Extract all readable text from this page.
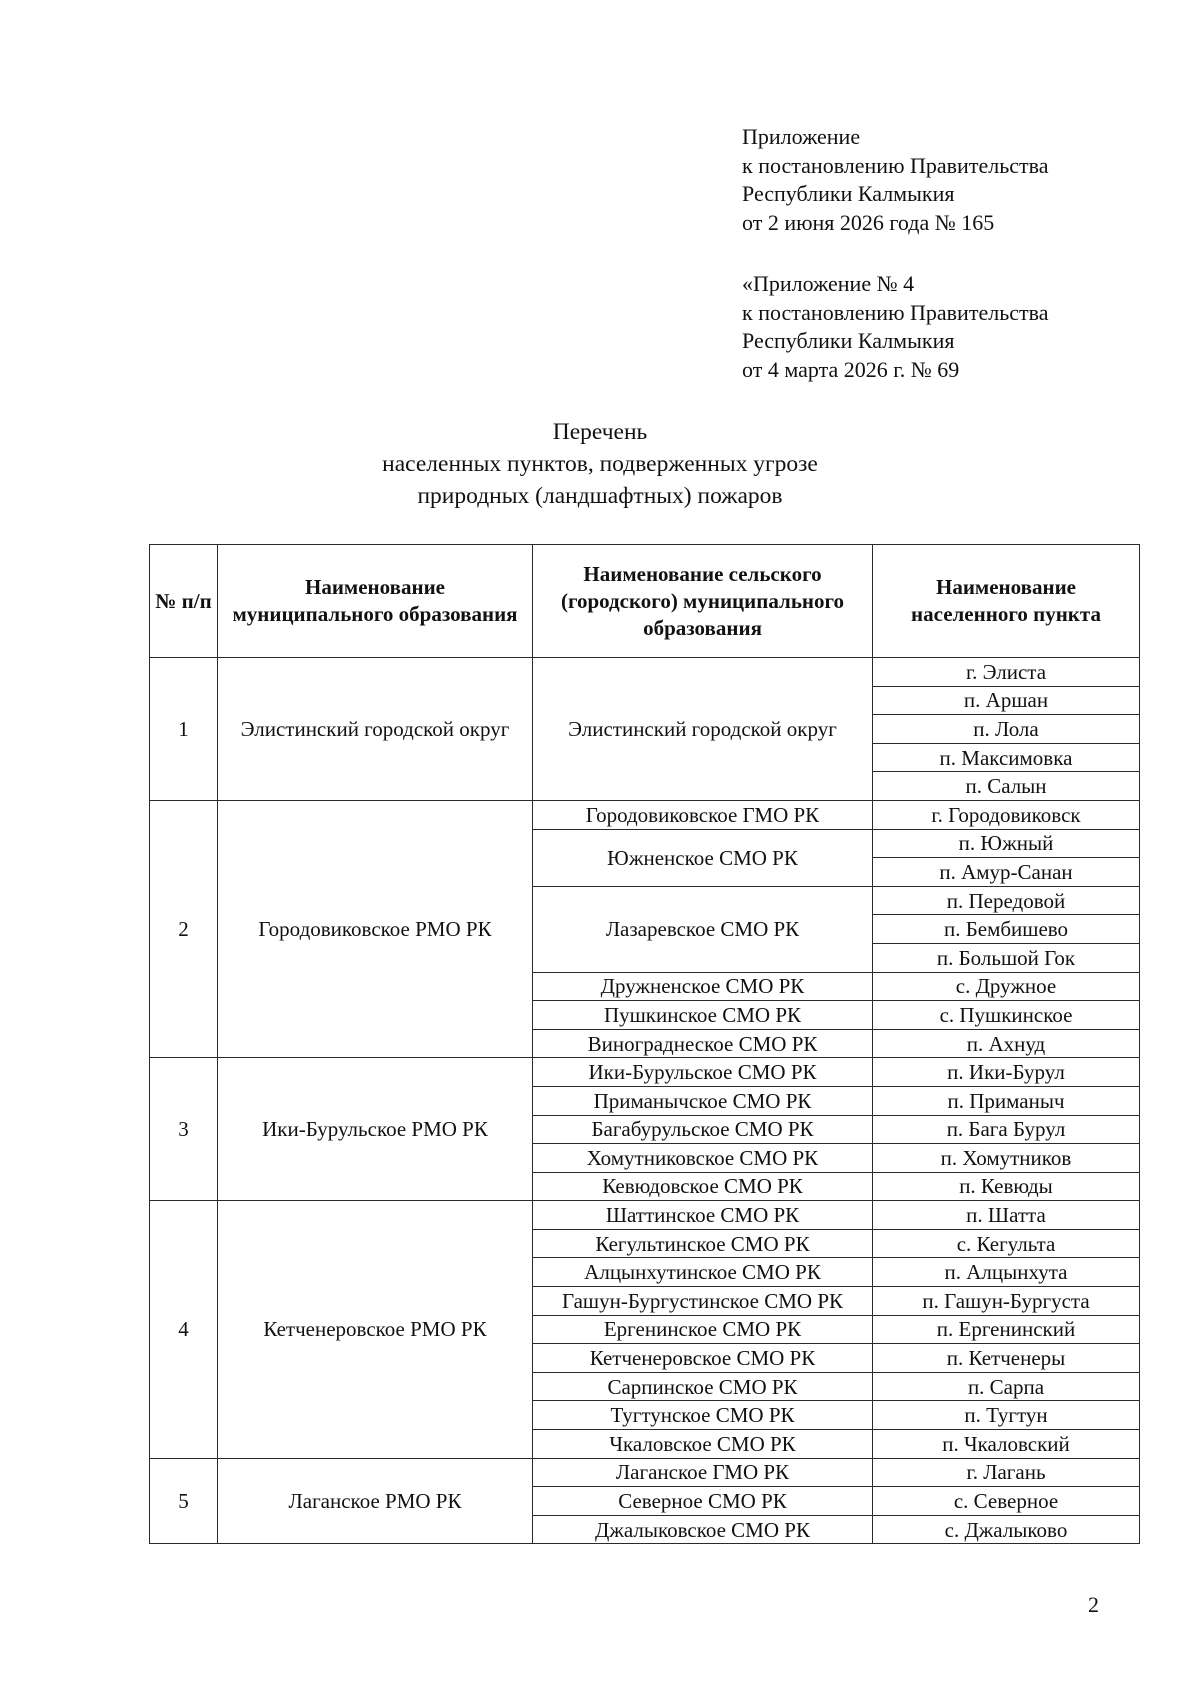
Приложение
к постановлению Правительства
Республики Калмыкия
от 2 июня 2026 года № 165
«Приложение № 4
к постановлению Правительства
Республики Калмыкия
от 4 марта 2026 г. № 69
Перечень
населенных пунктов, подверженных угрозе
природных (ландшафтных) пожаров
№ п/п	Наименование муниципального образования	Наименование сельского (городского) муниципального образования	Наименование населенного пункта
1	Элистинский городской округ	Элистинский городской округ	г. Элиста
			п. Аршан
			п. Лола
			п. Максимовка
			п. Салын
2	Городовиковское РМО РК	Городовиковское ГМО РК	г. Городовиковск
		Южненское СМО РК	п. Южный
			п. Амур-Санан
		Лазаревское СМО РК	п. Передовой
			п. Бембишево
			п. Большой Гок
		Дружненское СМО РК	с. Дружное
		Пушкинское СМО РК	с. Пушкинское
		Винограднеское СМО РК	п. Ахнуд
3	Ики-Бурульское РМО РК	Ики-Бурульское СМО РК	п. Ики-Бурул
		Приманычское СМО РК	п. Приманыч
		Багабурульское СМО РК	п. Бага Бурул
		Хомутниковское СМО РК	п. Хомутников
		Кевюдовское СМО РК	п. Кевюды
4	Кетченеровское РМО РК	Шаттинское СМО РК	п. Шатта
		Кегультинское СМО РК	с. Кегульта
		Алцынхутинское СМО РК	п. Алцынхута
		Гашун-Бургустинское СМО РК	п. Гашун-Бургуста
		Ергенинское СМО РК	п. Ергенинский
		Кетченеровское СМО РК	п. Кетченеры
		Сарпинское СМО РК	п. Сарпа
		Тугтунское СМО РК	п. Тугтун
		Чкаловское СМО РК	п. Чкаловский
5	Лаганское РМО РК	Лаганское ГМО РК	г. Лагань
		Северное СМО РК	с. Северное
		Джалыковское СМО РК	с. Джалыково
2
